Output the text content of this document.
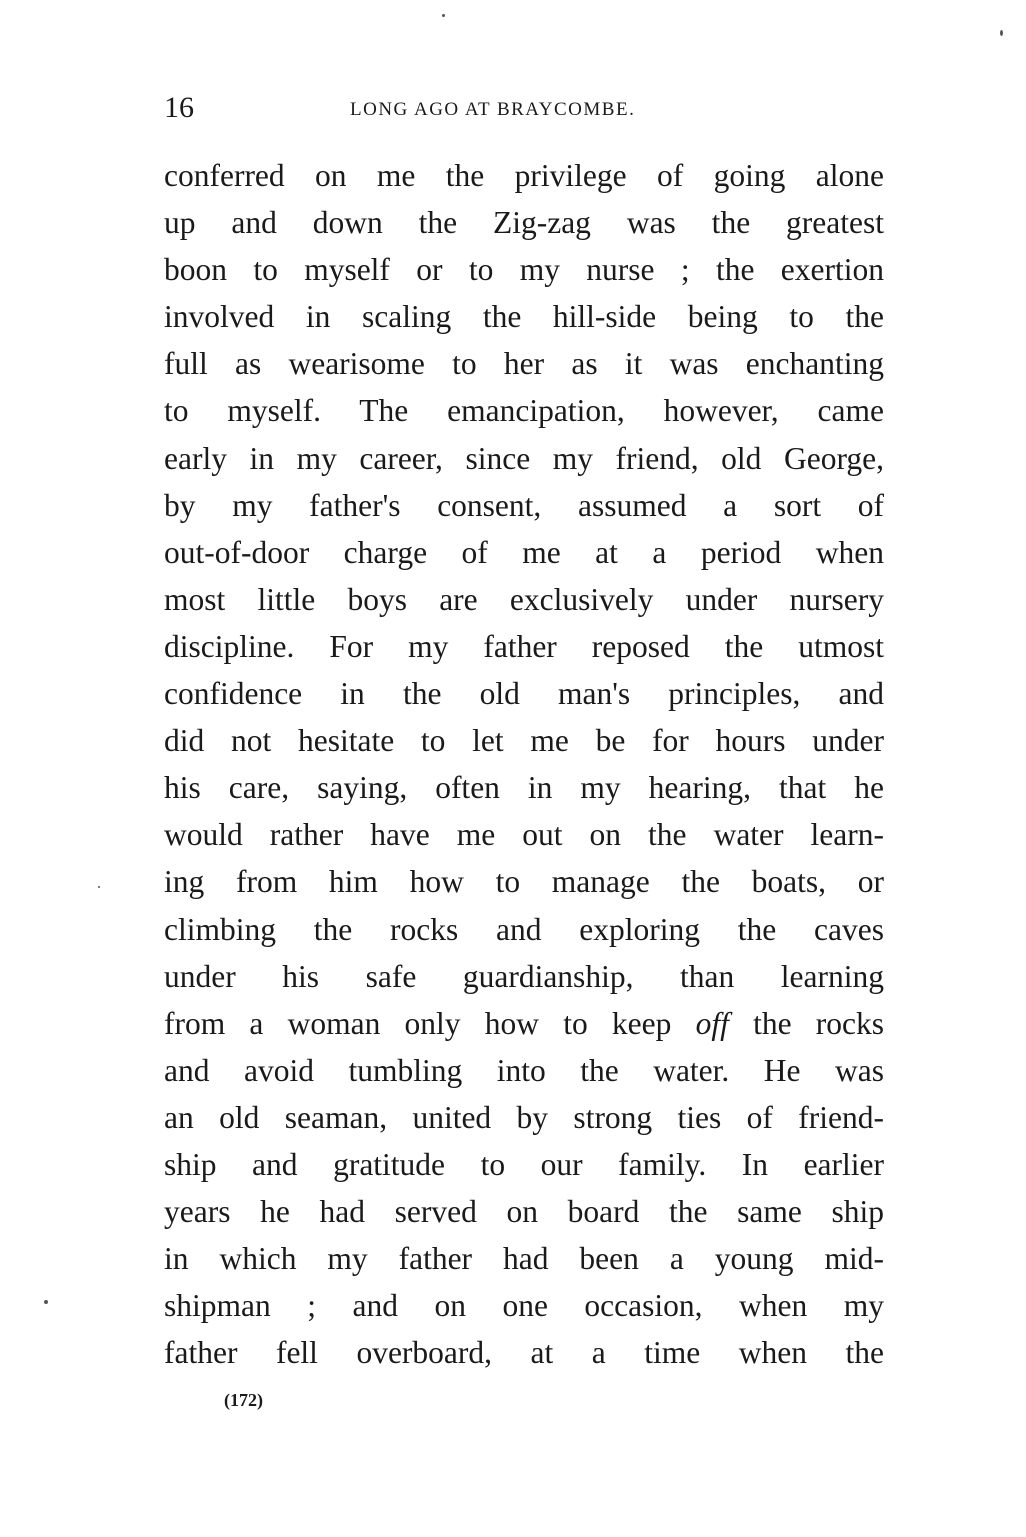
16	LONG AGO AT BRAYCOMBE.
conferred on me the privilege of going alone
up and down the Zig-zag was the greatest
boon to myself or to my nurse ; the exertion
involved in scaling the hill-side being to the
full as wearisome to her as it was enchanting
to myself. The emancipation, however, came
early in my career, since my friend, old George,
by my father's consent, assumed a sort of
out-of-door charge of me at a period when
most little boys are exclusively under nursery
discipline. For my father reposed the utmost
confidence in the old man's principles, and
did not hesitate to let me be for hours under
his care, saying, often in my hearing, that he
would rather have me out on the water learn-
ing from him how to manage the boats, or
climbing the rocks and exploring the caves
under his safe guardianship, than learning
from a woman only how to keep off the rocks
and avoid tumbling into the water. He was
an old seaman, united by strong ties of friend-
ship and gratitude to our family. In earlier
years he had served on board the same ship
in which my father had been a young mid-
shipman ; and on one occasion, when my
father fell overboard, at a time when the
(172)
